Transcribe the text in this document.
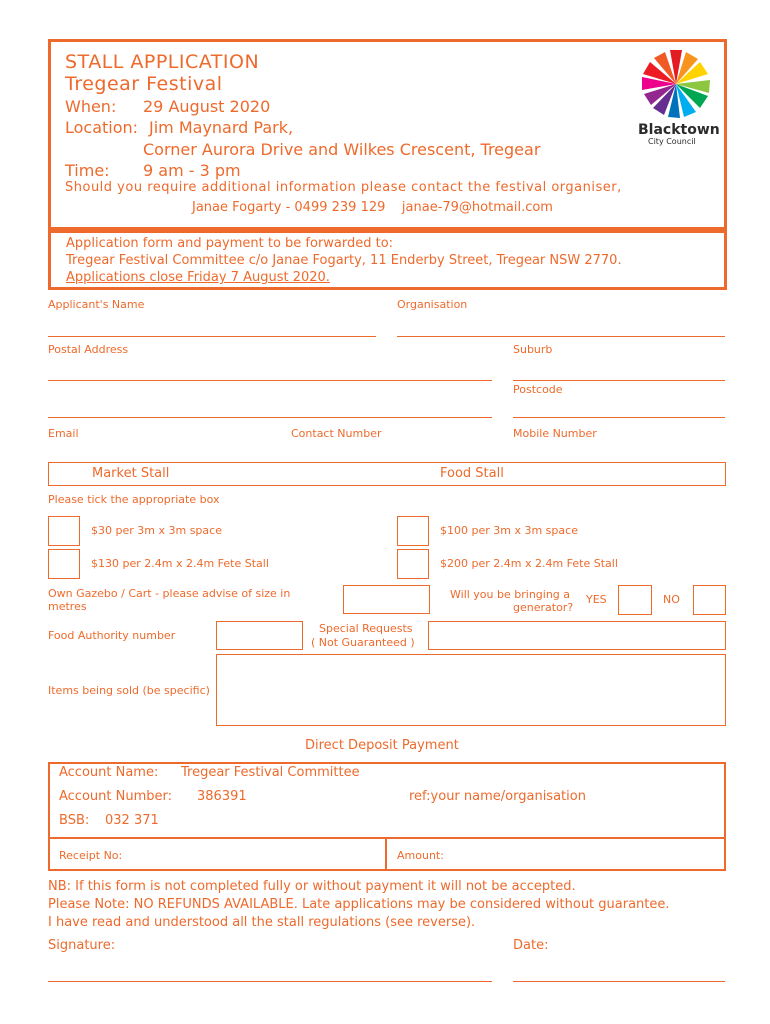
STALL APPLICATION
Tregear Festival
When: 29 August 2020
Location: Jim Maynard Park,
Corner Aurora Drive and Wilkes Crescent, Tregear
Time: 9 am - 3 pm
Should you require additional information please contact the festival organiser,
Janae Fogarty - 0499 239 129    janae-79@hotmail.com
Blacktown
City Council
Application form and payment to be forwarded to:
Tregear Festival Committee c/o Janae Fogarty, 11 Enderby Street, Tregear NSW 2770.
Applications close Friday 7 August 2020.
Applicant's Name	Organisation
Postal Address	Suburb
Postcode
Email	Contact Number	Mobile Number
Market Stall	Food Stall
Please tick the appropriate box
$30 per 3m x 3m space	$100 per 3m x 3m space
$130 per 2.4m x 2.4m Fete Stall	$200 per 2.4m x 2.4m Fete Stall
Own Gazebo / Cart - please advise of size in
metres
Will you be bringing a
generator?
YES	NO
Food Authority number
Special Requests
( Not Guaranteed )
Items being sold (be specific)
Direct Deposit Payment
Account Name: Tregear Festival Committee
Account Number: 386391	ref:your name/organisation
BSB: 032 371
Receipt No:	Amount:
NB: If this form is not completed fully or without payment it will not be accepted.
Please Note: NO REFUNDS AVAILABLE. Late applications may be considered without guarantee.
I have read and understood all the stall regulations (see reverse).
Signature:	Date:
